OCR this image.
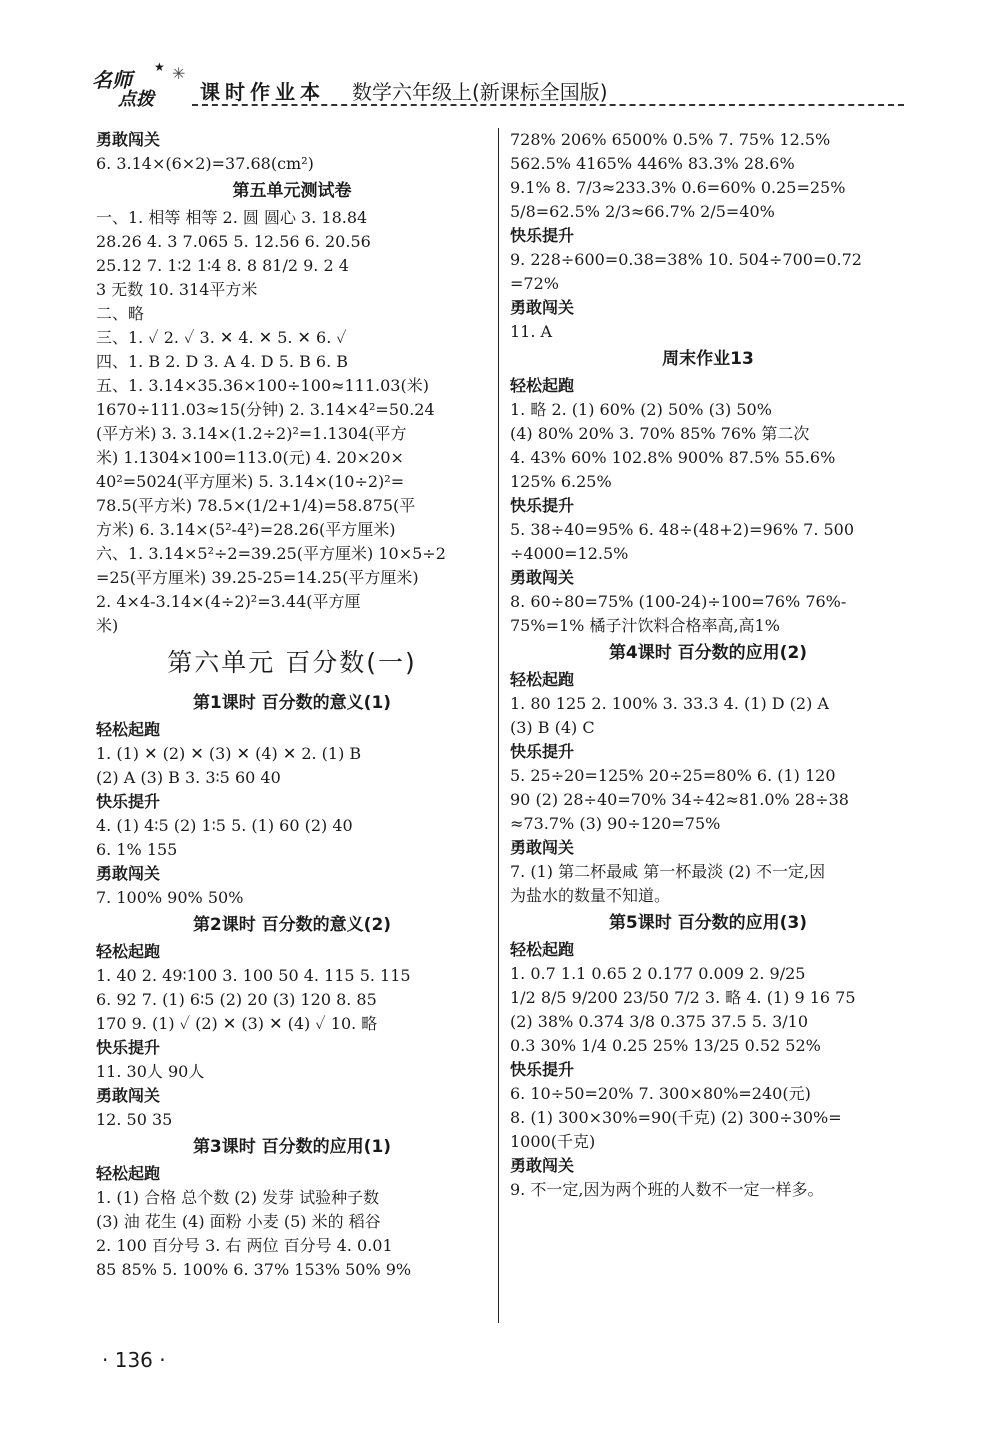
名师
点拨
★ ✳
课时作业本 数学六年级上(新课标全国版)
勇敢闯关
6. 3.14×(6×2)=37.68(cm²)
第五单元测试卷
一、1. 相等 相等 2. 圆 圆心 3. 18.84
28.26 4. 3 7.065 5. 12.56 6. 20.56
25.12 7. 1∶2 1∶4 8. 8 81/2 9. 2 4
3 无数 10. 314平方米
二、略
三、1. ✓ 2. ✓ 3. ✕ 4. ✕ 5. ✕ 6. ✓
四、1. B 2. D 3. A 4. D 5. B 6. B
五、1. 3.14×35.36×100÷100≈111.03(米)
1670÷111.03≈15(分钟) 2. 3.14×4²=50.24
(平方米) 3. 3.14×(1.2÷2)²=1.1304(平方
米) 1.1304×100=113.0(元) 4. 20×20×
40²=5024(平方厘米) 5. 3.14×(10÷2)²=
78.5(平方米) 78.5×(1/2+1/4)=58.875(平
方米) 6. 3.14×(5²-4²)=28.26(平方厘米)
六、1. 3.14×5²÷2=39.25(平方厘米) 10×5÷2
=25(平方厘米) 39.25-25=14.25(平方厘米)
2. 4×4-3.14×(4÷2)²=3.44(平方厘
米)
第六单元 百分数(一)
第1课时 百分数的意义(1)
轻松起跑
1. (1) ✕ (2) ✕ (3) ✕ (4) ✕ 2. (1) B
(2) A (3) B 3. 3∶5 60 40
快乐提升
4. (1) 4∶5 (2) 1∶5 5. (1) 60 (2) 40
6. 1% 155
勇敢闯关
7. 100% 90% 50%
第2课时 百分数的意义(2)
轻松起跑
1. 40 2. 49∶100 3. 100 50 4. 115 5. 115
6. 92 7. (1) 6∶5 (2) 20 (3) 120 8. 85
170 9. (1) ✓ (2) ✕ (3) ✕ (4) ✓ 10. 略
快乐提升
11. 30人 90人
勇敢闯关
12. 50 35
第3课时 百分数的应用(1)
轻松起跑
1. (1) 合格 总个数 (2) 发芽 试验种子数
(3) 油 花生 (4) 面粉 小麦 (5) 米的 稻谷
2. 100 百分号 3. 右 两位 百分号 4. 0.01
85 85% 5. 100% 6. 37% 153% 50% 9%
728% 206% 6500% 0.5% 7. 75% 12.5%
562.5% 4165% 446% 83.3% 28.6%
9.1% 8. 7/3≈233.3% 0.6=60% 0.25=25%
5/8=62.5% 2/3≈66.7% 2/5=40%
快乐提升
9. 228÷600=0.38=38% 10. 504÷700=0.72
=72%
勇敢闯关
11. A
周末作业13
轻松起跑
1. 略 2. (1) 60% (2) 50% (3) 50%
(4) 80% 20% 3. 70% 85% 76% 第二次
4. 43% 60% 102.8% 900% 87.5% 55.6%
125% 6.25%
快乐提升
5. 38÷40=95% 6. 48÷(48+2)=96% 7. 500
÷4000=12.5%
勇敢闯关
8. 60÷80=75% (100-24)÷100=76% 76%-
75%=1% 橘子汁饮料合格率高,高1%
第4课时 百分数的应用(2)
轻松起跑
1. 80 125 2. 100% 3. 33.3 4. (1) D (2) A
(3) B (4) C
快乐提升
5. 25÷20=125% 20÷25=80% 6. (1) 120
90 (2) 28÷40=70% 34÷42≈81.0% 28÷38
≈73.7% (3) 90÷120=75%
勇敢闯关
7. (1) 第二杯最咸 第一杯最淡 (2) 不一定,因
为盐水的数量不知道。
第5课时 百分数的应用(3)
轻松起跑
1. 0.7 1.1 0.65 2 0.177 0.009 2. 9/25
1/2 8/5 9/200 23/50 7/2 3. 略 4. (1) 9 16 75
(2) 38% 0.374 3/8 0.375 37.5 5. 3/10
0.3 30% 1/4 0.25 25% 13/25 0.52 52%
快乐提升
6. 10÷50=20% 7. 300×80%=240(元)
8. (1) 300×30%=90(千克) (2) 300÷30%=
1000(千克)
勇敢闯关
9. 不一定,因为两个班的人数不一定一样多。
· 136 ·
